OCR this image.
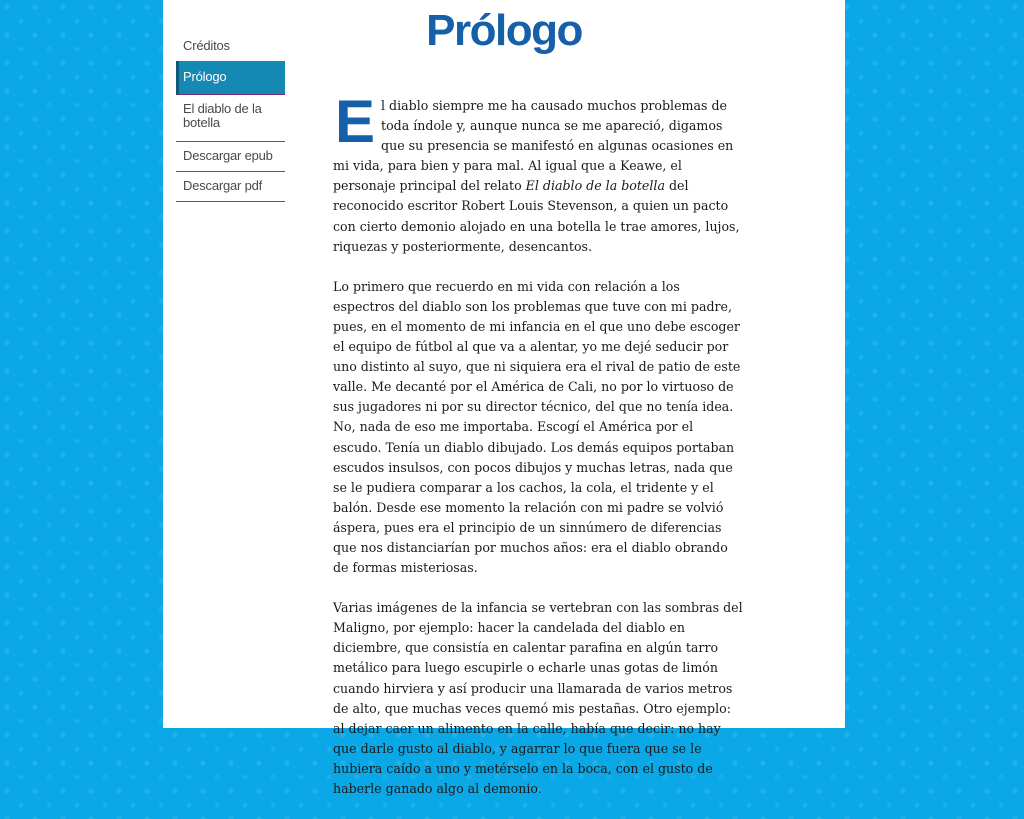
Créditos
Prólogo
El diablo de la botella
Descargar epub
Descargar pdf
Prólogo

El diablo siempre me ha causado muchos problemas de toda índole y, aunque nunca se me apareció, digamos que su presencia se manifestó en algunas ocasiones en mi vida, para bien y para mal. Al igual que a Keawe, el personaje principal del relato El diablo de la botella del reconocido escritor Robert Louis Stevenson, a quien un pacto con cierto demonio alojado en una botella le trae amores, lujos, riquezas y posteriormente, desencantos.

Lo primero que recuerdo en mi vida con relación a los espectros del diablo son los problemas que tuve con mi padre, pues, en el momento de mi infancia en el que uno debe escoger el equipo de fútbol al que va a alentar, yo me dejé seducir por uno distinto al suyo, que ni siquiera era el rival de patio de este valle. Me decanté por el América de Cali, no por lo virtuoso de sus jugadores ni por su director técnico, del que no tenía idea. No, nada de eso me importaba. Escogí el América por el escudo. Tenía un diablo dibujado. Los demás equipos portaban escudos insulsos, con pocos dibujos y muchas letras, nada que se le pudiera comparar a los cachos, la cola, el tridente y el balón. Desde ese momento la relación con mi padre se volvió áspera, pues era el principio de un sinnúmero de diferencias que nos distanciarían por muchos años: era el diablo obrando de formas misteriosas.

Varias imágenes de la infancia se vertebran con las sombras del Maligno, por ejemplo: hacer la candelada del diablo en diciembre, que consistía en calentar parafina en algún tarro metálico para luego escupirle o echarle unas gotas de limón cuando hirviera y así producir una llamarada de varios metros de alto, que muchas veces quemó mis pestañas. Otro ejemplo: al dejar caer un alimento en la calle, había que decir: no hay que darle gusto al diablo, y agarrar lo que fuera que se le hubiera caído a uno y metérselo en la boca, con el gusto de haberle ganado algo al demonio.
